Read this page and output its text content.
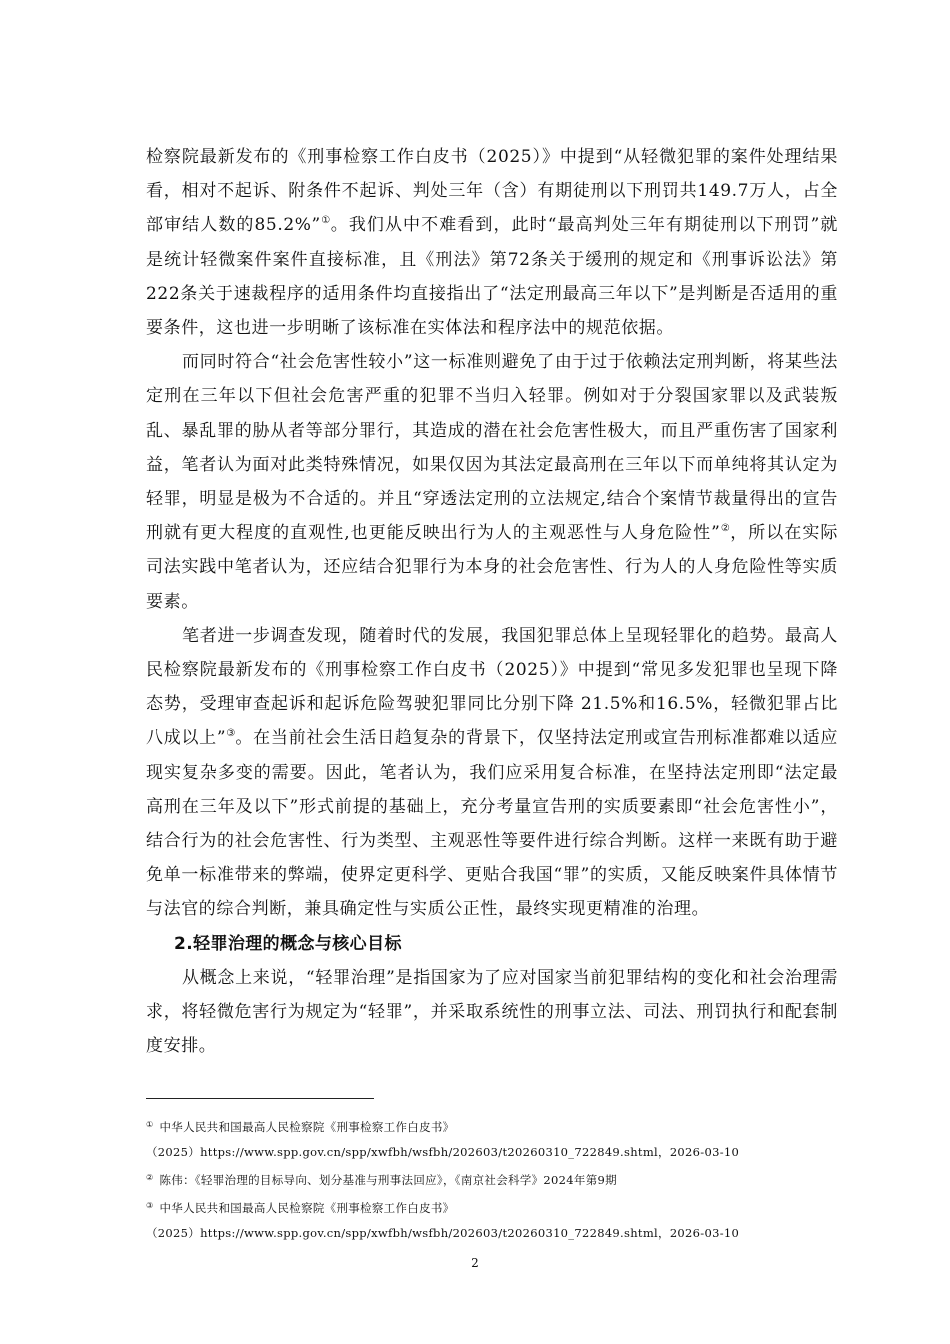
检察院最新发布的《刑事检察工作白皮书（2025）》中提到“从轻微犯罪的案件处理结果看，相对不起诉、附条件不起诉、判处三年（含）有期徒刑以下刑罚共149.7万人，占全部审结人数的85.2%”①。我们从中不难看到，此时“最高判处三年有期徒刑以下刑罚”就是统计轻微案件案件直接标准，且《刑法》第72条关于缓刑的规定和《刑事诉讼法》第222条关于速裁程序的适用条件均直接指出了“法定刑最高三年以下”是判断是否适用的重要条件，这也进一步明晰了该标准在实体法和程序法中的规范依据。

而同时符合“社会危害性较小”这一标准则避免了由于过于依赖法定刑判断，将某些法定刑在三年以下但社会危害严重的犯罪不当归入轻罪。例如对于分裂国家罪以及武装叛乱、暴乱罪的胁从者等部分罪行，其造成的潜在社会危害性极大，而且严重伤害了国家利益，笔者认为面对此类特殊情况，如果仅因为其法定最高刑在三年以下而单纯将其认定为轻罪，明显是极为不合适的。并且“穿透法定刑的立法规定,结合个案情节裁量得出的宣告刑就有更大程度的直观性,也更能反映出行为人的主观恶性与人身危险性”②，所以在实际司法实践中笔者认为，还应结合犯罪行为本身的社会危害性、行为人的人身危险性等实质要素。

笔者进一步调查发现，随着时代的发展，我国犯罪总体上呈现轻罪化的趋势。最高人民检察院最新发布的《刑事检察工作白皮书（2025）》中提到“常见多发犯罪也呈现下降态势，受理审查起诉和起诉危险驾驶犯罪同比分别下降 21.5%和16.5%，轻微犯罪占比八成以上”③。在当前社会生活日趋复杂的背景下，仅坚持法定刑或宣告刑标准都难以适应现实复杂多变的需要。因此，笔者认为，我们应采用复合标准，在坚持法定刑即“法定最高刑在三年及以下”形式前提的基础上，充分考量宣告刑的实质要素即“社会危害性小”，结合行为的社会危害性、行为类型、主观恶性等要件进行综合判断。这样一来既有助于避免单一标准带来的弊端，使界定更科学、更贴合我国“罪”的实质，又能反映案件具体情节与法官的综合判断，兼具确定性与实质公正性，最终实现更精准的治理。

2.轻罪治理的概念与核心目标

从概念上来说，“轻罪治理”是指国家为了应对国家当前犯罪结构的变化和社会治理需求，将轻微危害行为规定为“轻罪”，并采取系统性的刑事立法、司法、刑罚执行和配套制度安排。

① 中华人民共和国最高人民检察院《刑事检察工作白皮书》

（2025）https://www.spp.gov.cn/spp/xwfbh/wsfbh/202603/t20260310_722849.shtml，2026-03-10

② 陈伟：《轻罪治理的目标导向、划分基准与刑事法回应》，《南京社会科学》2024年第9期

③ 中华人民共和国最高人民检察院《刑事检察工作白皮书》

（2025）https://www.spp.gov.cn/spp/xwfbh/wsfbh/202603/t20260310_722849.shtml，2026-03-10

2
